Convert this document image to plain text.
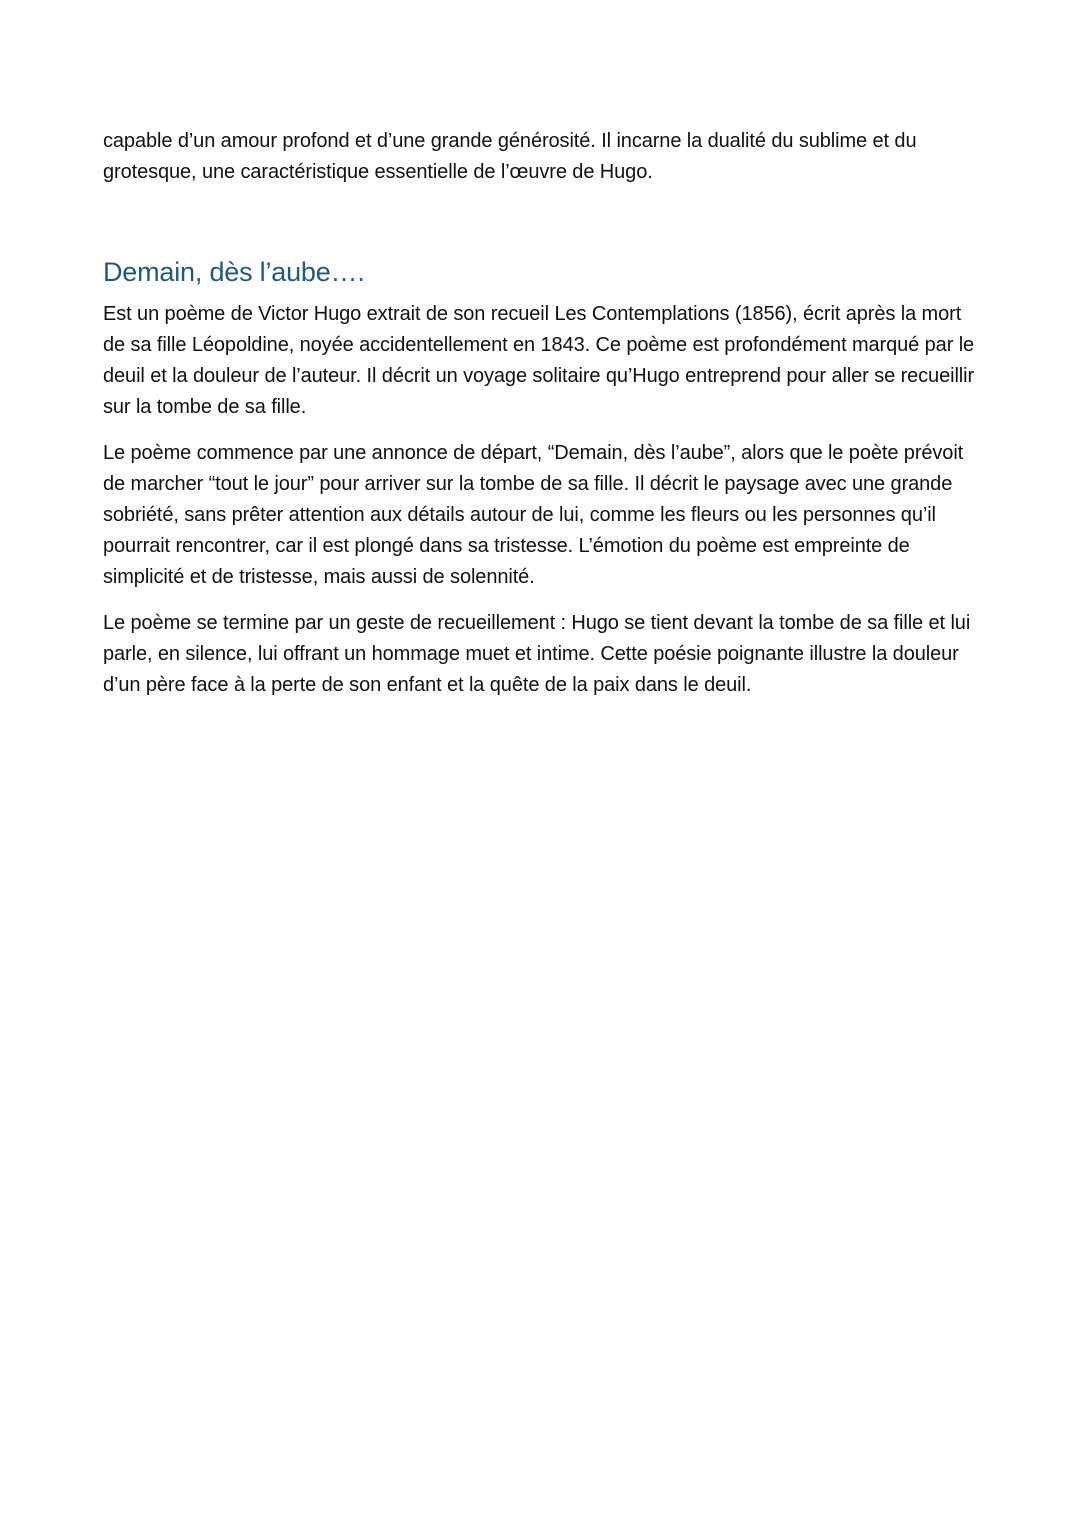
capable d’un amour profond et d’une grande générosité. Il incarne la dualité du sublime et du grotesque, une caractéristique essentielle de l’œuvre de Hugo.

Demain, dès l’aube….

Est un poème de Victor Hugo extrait de son recueil Les Contemplations (1856), écrit après la mort de sa fille Léopoldine, noyée accidentellement en 1843. Ce poème est profondément marqué par le deuil et la douleur de l’auteur. Il décrit un voyage solitaire qu’Hugo entreprend pour aller se recueillir sur la tombe de sa fille.

Le poème commence par une annonce de départ, “Demain, dès l’aube”, alors que le poète prévoit de marcher “tout le jour” pour arriver sur la tombe de sa fille. Il décrit le paysage avec une grande sobriété, sans prêter attention aux détails autour de lui, comme les fleurs ou les personnes qu’il pourrait rencontrer, car il est plongé dans sa tristesse. L’émotion du poème est empreinte de simplicité et de tristesse, mais aussi de solennité.

Le poème se termine par un geste de recueillement : Hugo se tient devant la tombe de sa fille et lui parle, en silence, lui offrant un hommage muet et intime. Cette poésie poignante illustre la douleur d’un père face à la perte de son enfant et la quête de la paix dans le deuil.
